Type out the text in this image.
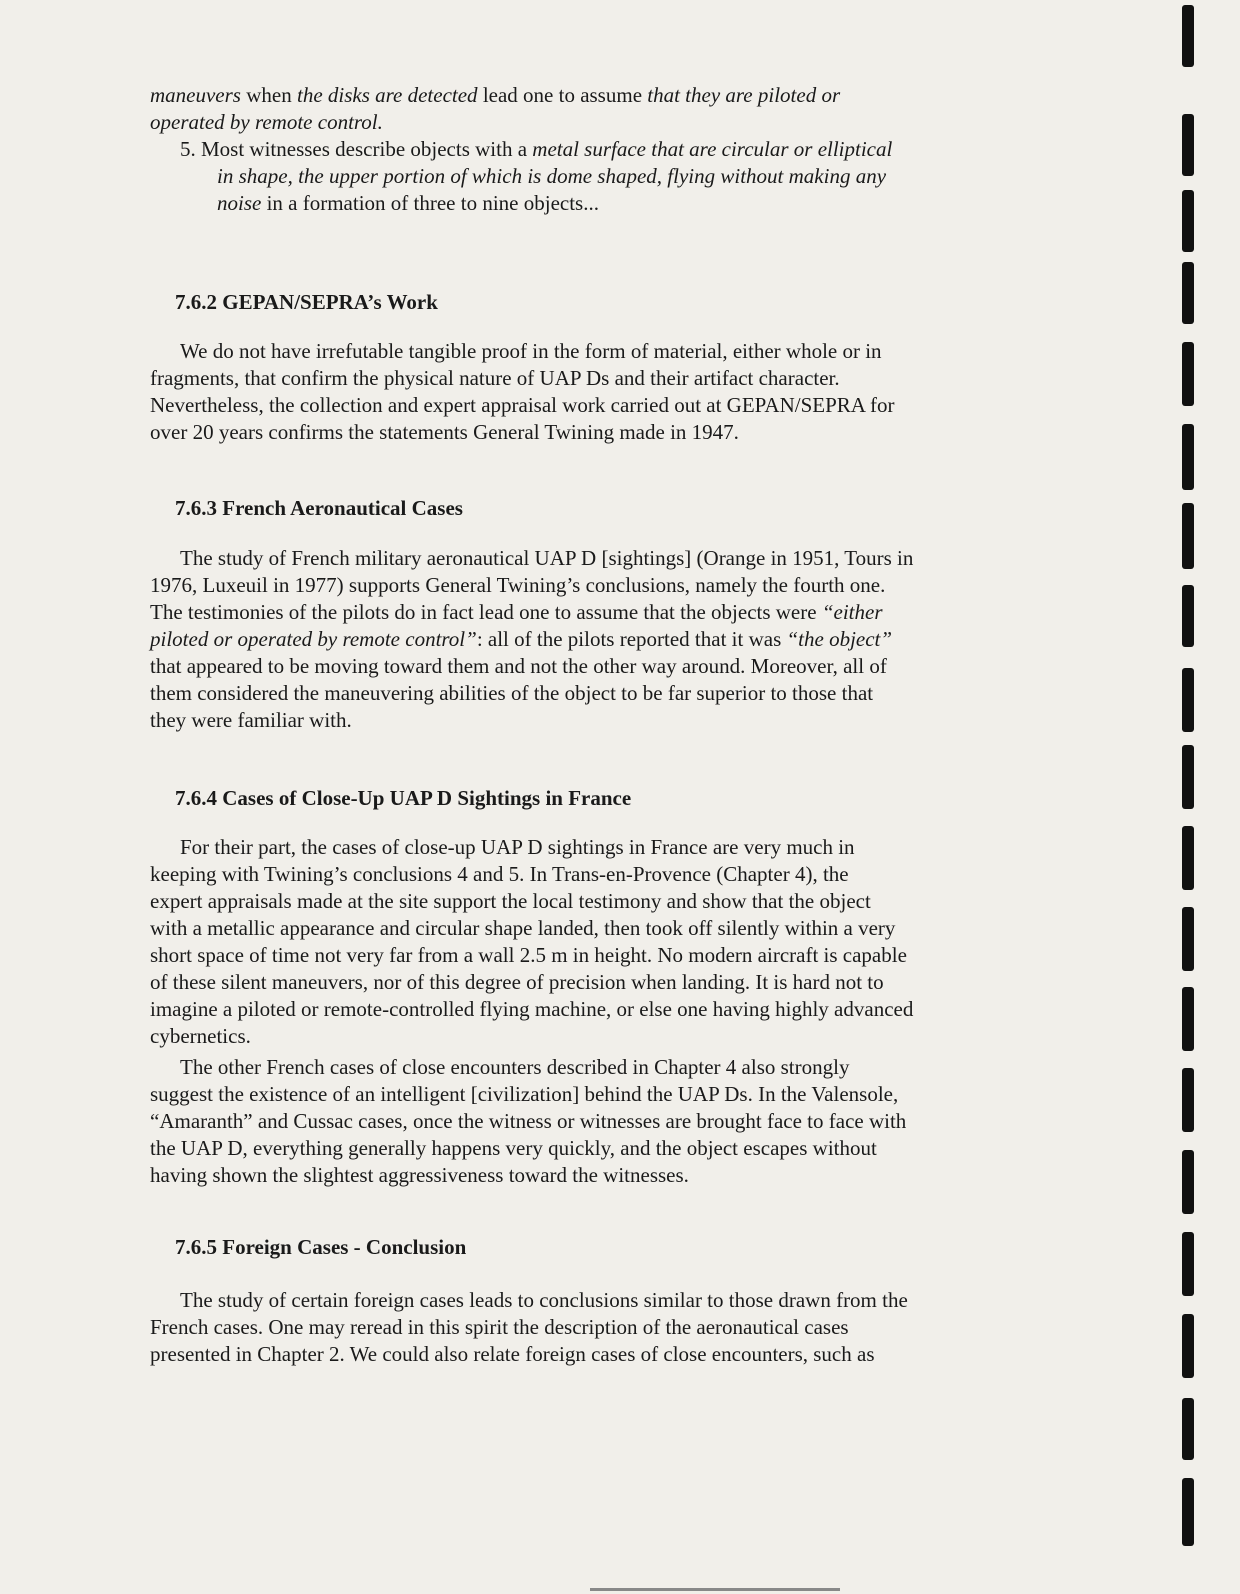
maneuvers when the disks are detected lead one to assume that they are piloted or
operated by remote control.
5. Most witnesses describe objects with a metal surface that are circular or elliptical
in shape, the upper portion of which is dome shaped, flying without making any
noise in a formation of three to nine objects...
7.6.2 GEPAN/SEPRA’s Work
We do not have irrefutable tangible proof in the form of material, either whole or in
fragments, that confirm the physical nature of UAP Ds and their artifact character.
Nevertheless, the collection and expert appraisal work carried out at GEPAN/SEPRA for
over 20 years confirms the statements General Twining made in 1947.
7.6.3 French Aeronautical Cases
The study of French military aeronautical UAP D [sightings] (Orange in 1951, Tours in
1976, Luxeuil in 1977) supports General Twining’s conclusions, namely the fourth one.
The testimonies of the pilots do in fact lead one to assume that the objects were “either
piloted or operated by remote control”: all of the pilots reported that it was “the object”
that appeared to be moving toward them and not the other way around. Moreover, all of
them considered the maneuvering abilities of the object to be far superior to those that
they were familiar with.
7.6.4 Cases of Close-Up UAP D Sightings in France
For their part, the cases of close-up UAP D sightings in France are very much in
keeping with Twining’s conclusions 4 and 5. In Trans-en-Provence (Chapter 4), the
expert appraisals made at the site support the local testimony and show that the object
with a metallic appearance and circular shape landed, then took off silently within a very
short space of time not very far from a wall 2.5 m in height. No modern aircraft is capable
of these silent maneuvers, nor of this degree of precision when landing. It is hard not to
imagine a piloted or remote-controlled flying machine, or else one having highly advanced
cybernetics.
The other French cases of close encounters described in Chapter 4 also strongly
suggest the existence of an intelligent [civilization] behind the UAP Ds. In the Valensole,
“Amaranth” and Cussac cases, once the witness or witnesses are brought face to face with
the UAP D, everything generally happens very quickly, and the object escapes without
having shown the slightest aggressiveness toward the witnesses.
7.6.5 Foreign Cases - Conclusion
The study of certain foreign cases leads to conclusions similar to those drawn from the
French cases. One may reread in this spirit the description of the aeronautical cases
presented in Chapter 2. We could also relate foreign cases of close encounters, such as
